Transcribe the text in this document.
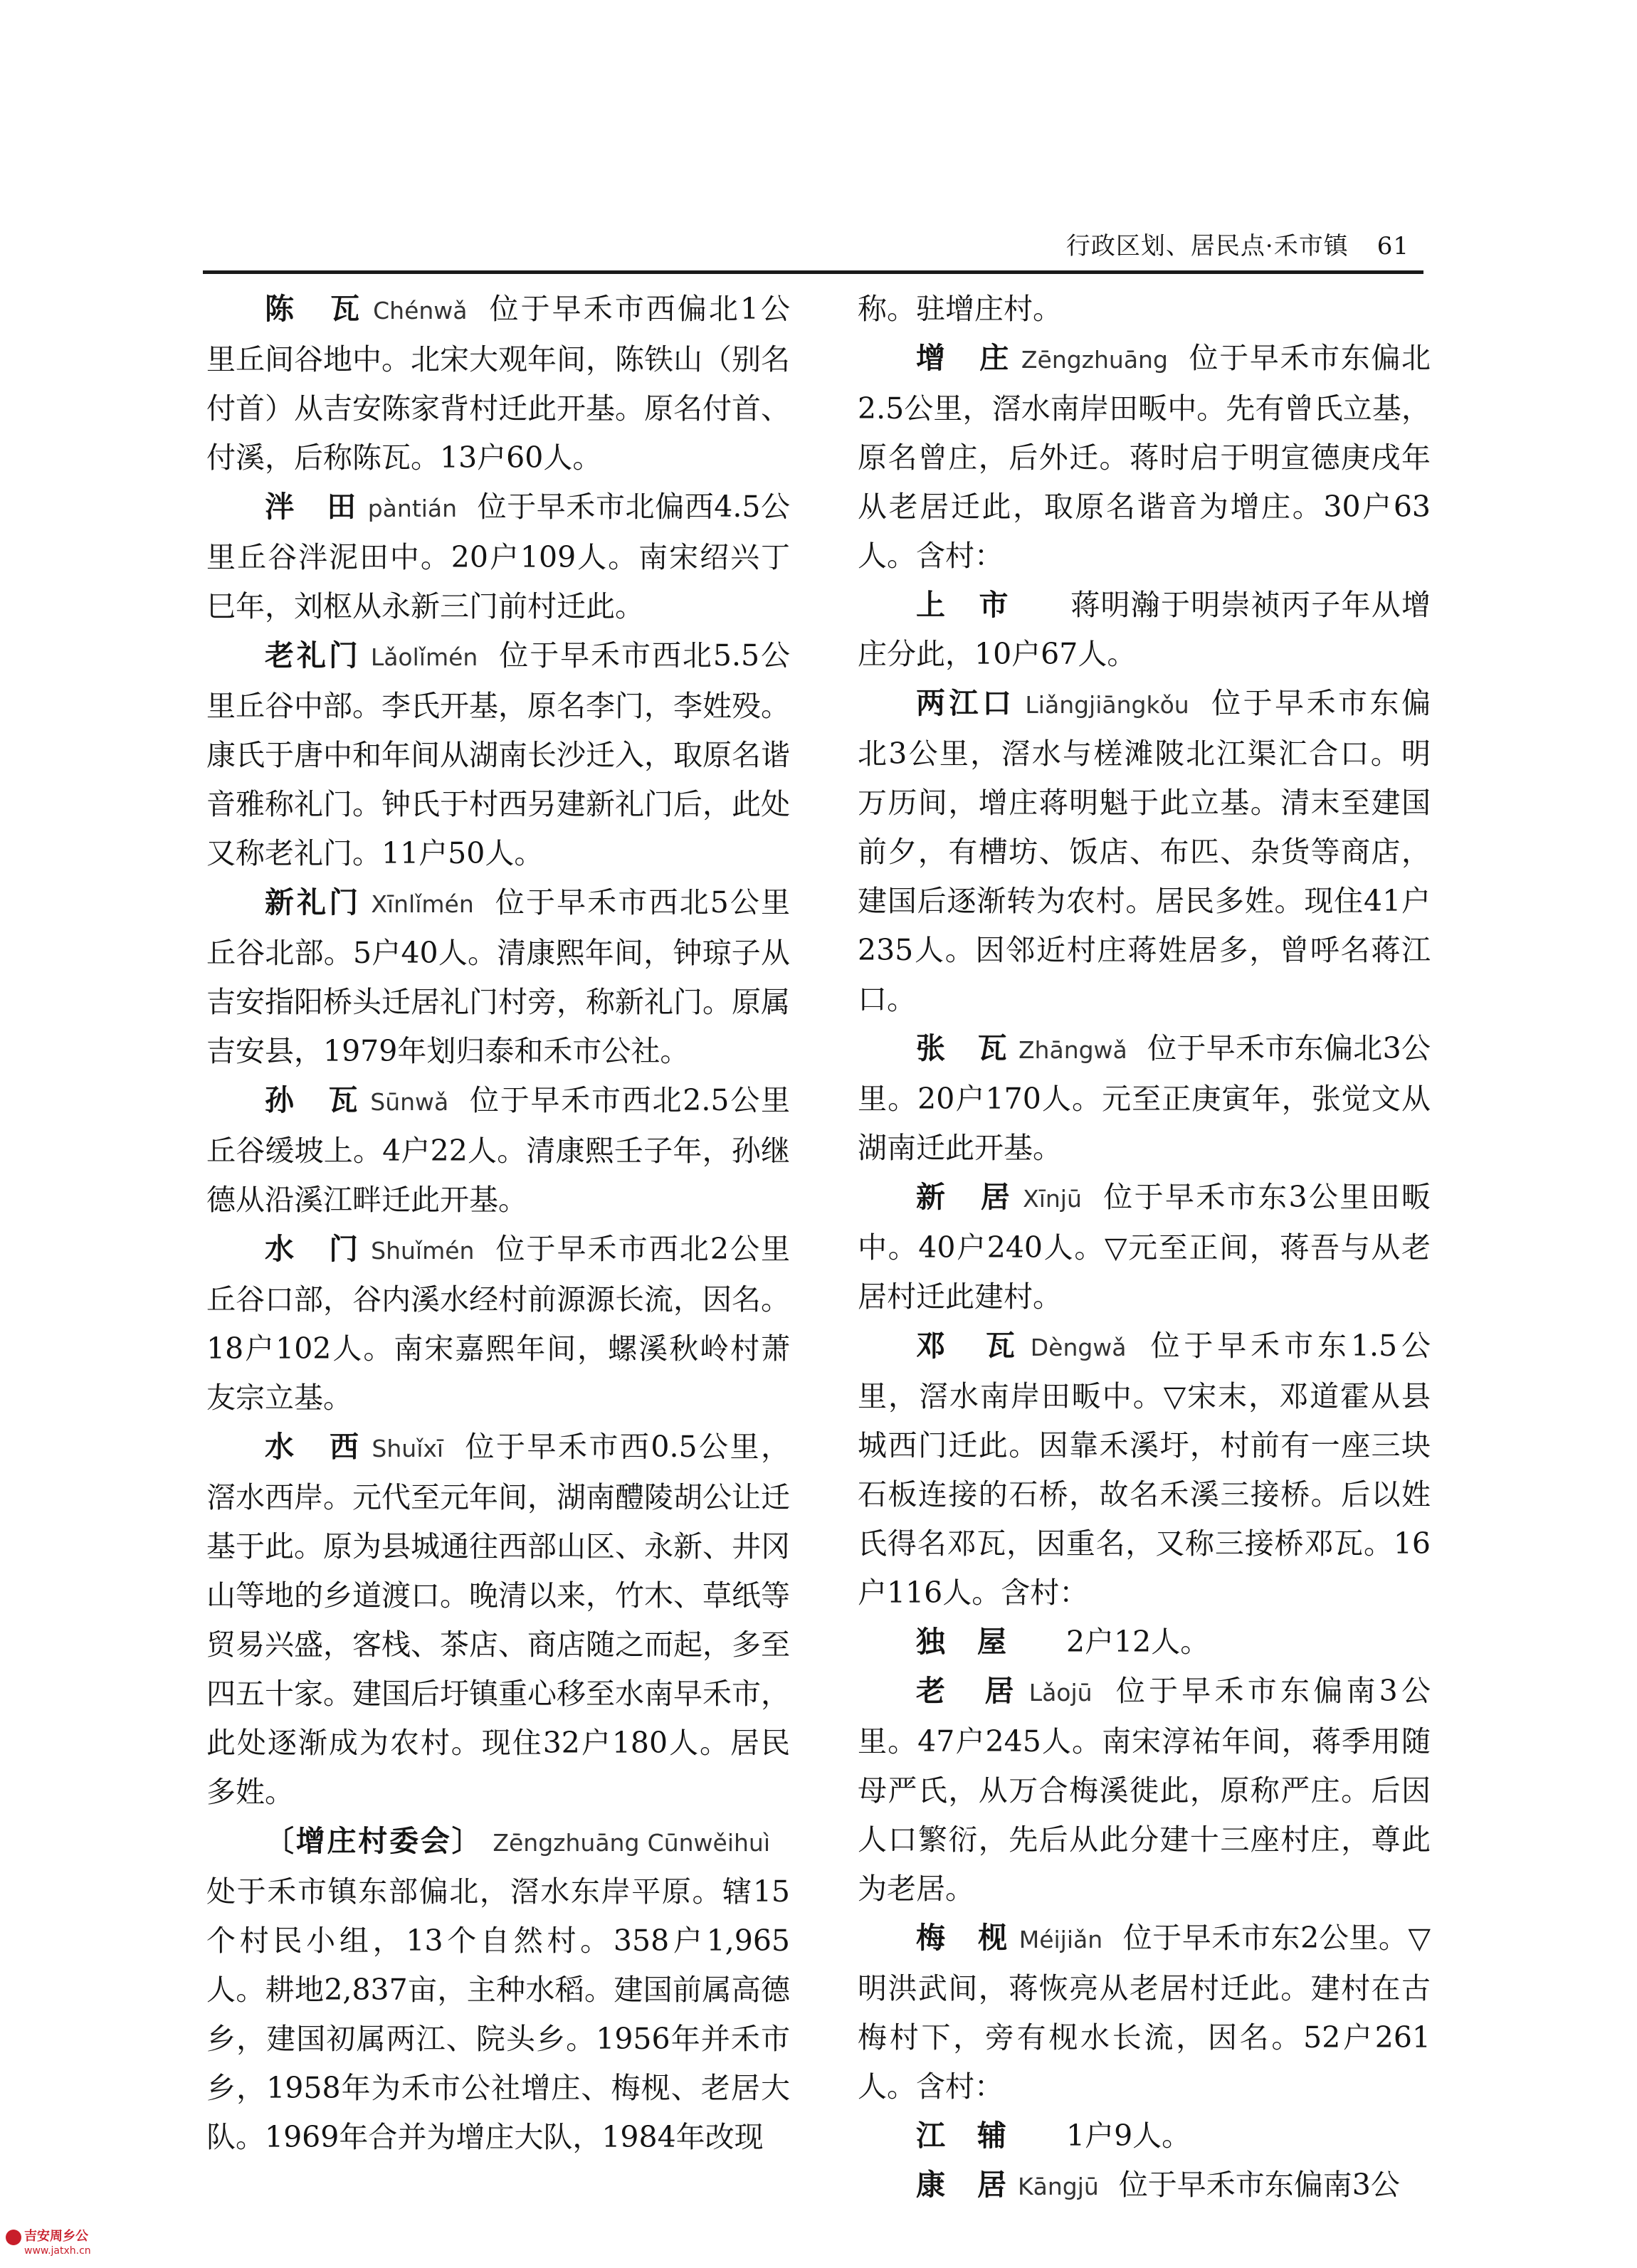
行政区划、居民点·禾市镇 61

陈　瓦 Chénwǎ 位于早禾市西偏北1公里丘间谷地中。北宋大观年间，陈铁山（别名付首）从吉安陈家背村迁此开基。原名付首、付溪，后称陈瓦。13户60人。

泮　田 pàntián 位于早禾市北偏西4.5公里丘谷泮泥田中。20户109人。南宋绍兴丁巳年，刘枢从永新三门前村迁此。

老礼门 Lǎolǐmén 位于早禾市西北5.5公里丘谷中部。李氏开基，原名李门，李姓殁。康氏于唐中和年间从湖南长沙迁入，取原名谐音雅称礼门。钟氏于村西另建新礼门后，此处又称老礼门。11户50人。

新礼门 Xīnlǐmén 位于早禾市西北5公里丘谷北部。5户40人。清康熙年间，钟琼子从吉安指阳桥头迁居礼门村旁，称新礼门。原属吉安县，1979年划归泰和禾市公社。

孙　瓦 Sūnwǎ 位于早禾市西北2.5公里丘谷缓坡上。4户22人。清康熙壬子年，孙继德从沿溪江畔迁此开基。

水　门 Shuǐmén 位于早禾市西北2公里丘谷口部，谷内溪水经村前源源长流，因名。18户102人。南宋嘉熙年间，螺溪秋岭村萧友宗立基。

水　西 Shuǐxī 位于早禾市西0.5公里，滘水西岸。元代至元年间，湖南醴陵胡公让迁基于此。原为县城通往西部山区、永新、井冈山等地的乡道渡口。晚清以来，竹木、草纸等贸易兴盛，客栈、茶店、商店随之而起，多至四五十家。建国后圩镇重心移至水南早禾市，此处逐渐成为农村。现住32户180人。居民多姓。

〔增庄村委会〕 Zēngzhuāng Cūnwěihuì处于禾市镇东部偏北，滘水东岸平原。辖15个村民小组，13个自然村。358户1,965人。耕地2,837亩，主种水稻。建国前属高德乡，建国初属两江、院头乡。1956年并禾市乡，1958年为禾市公社增庄、梅枧、老居大队。1969年合并为增庄大队，1984年改现

称。驻增庄村。

增　庄 Zēngzhuāng 位于早禾市东偏北2.5公里，滘水南岸田畈中。先有曾氏立基，原名曾庄，后外迁。蒋时启于明宣德庚戌年从老居迁此，取原名谐音为增庄。30户63人。含村：

上　市　　 蒋明瀚于明崇祯丙子年从增庄分此，10户67人。

两江口 Liǎngjiāngkǒu 位于早禾市东偏北3公里，滘水与槎滩陂北江渠汇合口。明万历间，增庄蒋明魁于此立基。清末至建国前夕，有槽坊、饭店、布匹、杂货等商店，建国后逐渐转为农村。居民多姓。现住41户235人。因邻近村庄蒋姓居多，曾呼名蒋江口。

张　瓦 Zhāngwǎ 位于早禾市东偏北3公里。20户170人。元至正庚寅年，张觉文从湖南迁此开基。

新　居 Xīnjū 位于早禾市东3公里田畈中。40户240人。▽元至正间，蒋吾与从老居村迁此建村。

邓　瓦 Dèngwǎ 位于早禾市东1.5公里，滘水南岸田畈中。▽宋末，邓道霍从县城西门迁此。因靠禾溪圩，村前有一座三块石板连接的石桥，故名禾溪三接桥。后以姓氏得名邓瓦，因重名，又称三接桥邓瓦。16户116人。含村：

独　屋　　 2户12人。

老　居 Lǎojū 位于早禾市东偏南3公里。47户245人。南宋淳祐年间，蒋季用随母严氏，从万合梅溪徙此，原称严庄。后因人口繁衍，先后从此分建十三座村庄，尊此为老居。

梅　枧 Méijiǎn 位于早禾市东2公里。▽明洪武间，蒋恢亮从老居村迁此。建村在古梅村下，旁有枧水长流，因名。52户261人。含村：

江　辅　　 1户9人。

康　居 Kāngjū 位于早禾市东偏南3公

吉安周乡公
www.jatxh.cn
